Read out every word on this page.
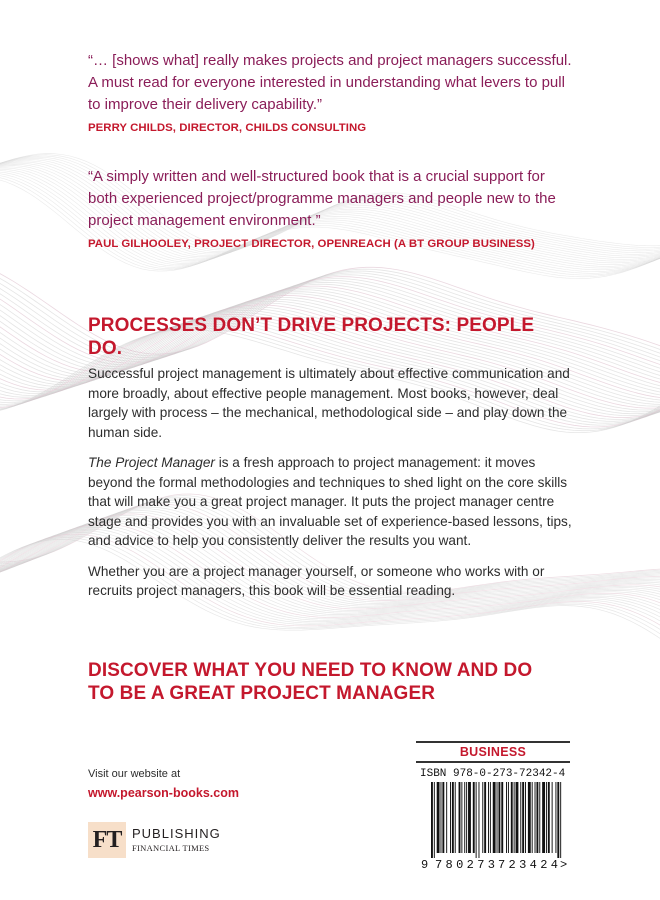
“… [shows what] really makes projects and project managers successful. A must read for everyone interested in understanding what levers to pull to improve their delivery capability.”

PERRY CHILDS, DIRECTOR, CHILDS CONSULTING

“A simply written and well-structured book that is a crucial support for both experienced project/programme managers and people new to the project management environment.”

PAUL GILHOOLEY, PROJECT DIRECTOR, OPENREACH (A BT GROUP BUSINESS)

PROCESSES DON’T DRIVE PROJECTS: PEOPLE DO.

Successful project management is ultimately about effective communication and more broadly, about effective people management. Most books, however, deal largely with process – the mechanical, methodological side – and play down the human side.

The Project Manager is a fresh approach to project management: it moves beyond the formal methodologies and techniques to shed light on the core skills that will make you a great project manager. It puts the project manager centre stage and provides you with an invaluable set of experience-based lessons, tips, and advice to help you consistently deliver the results you want.

Whether you are a project manager yourself, or someone who works with or recruits project managers, this book will be essential reading.

DISCOVER WHAT YOU NEED TO KNOW AND DO TO BE A GREAT PROJECT MANAGER
Visit our website at
www.pearson-books.com
FT PUBLISHING
FINANCIAL TIMES
BUSINESS
ISBN 978-0-273-72342-4
9 780273 723424 >
